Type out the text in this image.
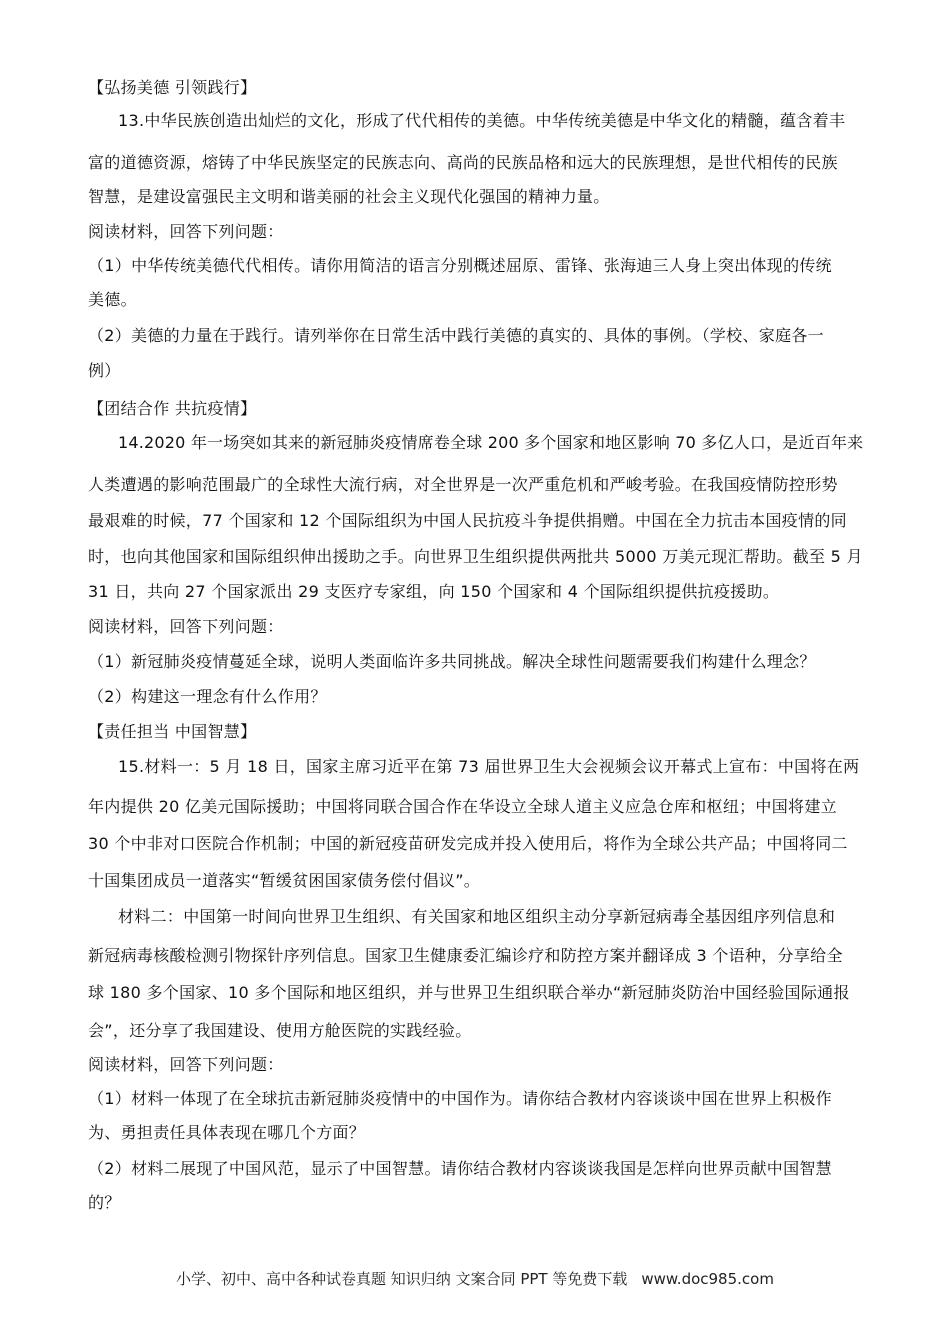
【弘扬美德 引领践行】
13.中华民族创造出灿烂的文化，形成了代代相传的美德。中华传统美德是中华文化的精髓，蕴含着丰
富的道德资源，熔铸了中华民族坚定的民族志向、高尚的民族品格和远大的民族理想，是世代相传的民族
智慧，是建设富强民主文明和谐美丽的社会主义现代化强国的精神力量。
阅读材料，回答下列问题：
（1）中华传统美德代代相传。请你用简洁的语言分别概述屈原、雷锋、张海迪三人身上突出体现的传统
美德。
（2）美德的力量在于践行。请列举你在日常生活中践行美德的真实的、具体的事例。（学校、家庭各一
例）
【团结合作 共抗疫情】
14.2020 年一场突如其来的新冠肺炎疫情席卷全球 200 多个国家和地区影响 70 多亿人口，是近百年来
人类遭遇的影响范围最广的全球性大流行病，对全世界是一次严重危机和严峻考验。在我国疫情防控形势
最艰难的时候，77 个国家和 12 个国际组织为中国人民抗疫斗争提供捐赠。中国在全力抗击本国疫情的同
时，也向其他国家和国际组织伸出援助之手。向世界卫生组织提供两批共 5000 万美元现汇帮助。截至 5 月
31 日，共向 27 个国家派出 29 支医疗专家组，向 150 个国家和 4 个国际组织提供抗疫援助。
阅读材料，回答下列问题：
（1）新冠肺炎疫情蔓延全球，说明人类面临许多共同挑战。解决全球性问题需要我们构建什么理念？
（2）构建这一理念有什么作用？
【责任担当 中国智慧】
15.材料一：5 月 18 日，国家主席习近平在第 73 届世界卫生大会视频会议开幕式上宣布：中国将在两
年内提供 20 亿美元国际援助；中国将同联合国合作在华设立全球人道主义应急仓库和枢纽；中国将建立
30 个中非对口医院合作机制；中国的新冠疫苗研发完成并投入使用后，将作为全球公共产品；中国将同二
十国集团成员一道落实“暂缓贫困国家债务偿付倡议”。
材料二：中国第一时间向世界卫生组织、有关国家和地区组织主动分享新冠病毒全基因组序列信息和
新冠病毒核酸检测引物探针序列信息。国家卫生健康委汇编诊疗和防控方案并翻译成 3 个语种，分享给全
球 180 多个国家、10 多个国际和地区组织，并与世界卫生组织联合举办“新冠肺炎防治中国经验国际通报
会”，还分享了我国建设、使用方舱医院的实践经验。
阅读材料，回答下列问题：
（1）材料一体现了在全球抗击新冠肺炎疫情中的中国作为。请你结合教材内容谈谈中国在世界上积极作
为、勇担责任具体表现在哪几个方面？
（2）材料二展现了中国风范，显示了中国智慧。请你结合教材内容谈谈我国是怎样向世界贡献中国智慧
的？
小学、初中、高中各种试卷真题 知识归纳 文案合同 PPT 等免费下载 www.doc985.com
